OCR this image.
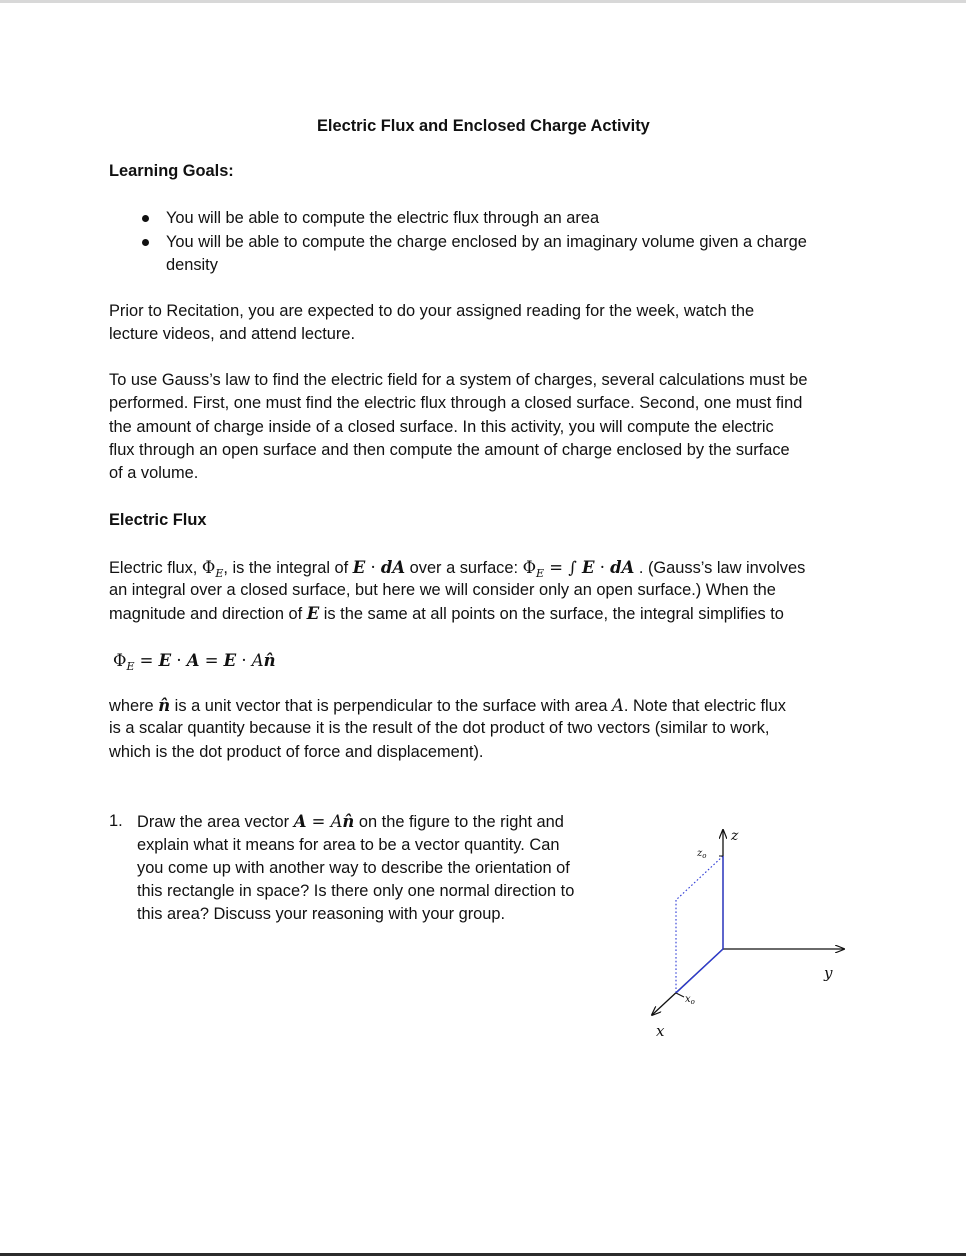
Electric Flux and Enclosed Charge Activity
Learning Goals:
You will be able to compute the electric flux through an area
You will be able to compute the charge enclosed by an imaginary volume given a charge
density
Prior to Recitation, you are expected to do your assigned reading for the week, watch the
lecture videos, and attend lecture.
To use Gauss’s law to find the electric field for a system of charges, several calculations must be
performed. First, one must find the electric flux through a closed surface. Second, one must find
the amount of charge inside of a closed surface. In this activity, you will compute the electric
flux through an open surface and then compute the amount of charge enclosed by the surface
of a volume.
Electric Flux
Electric flux, $\Phi_E$, is the integral of E · dA over a surface: $\Phi_E$ = ∫ E · dA . (Gauss’s law involves
an integral over a closed surface, but here we will consider only an open surface.) When the
magnitude and direction of E is the same at all points on the surface, the integral simplifies to
$\Phi_E = E \cdot A = E$ · An̂
where n̂ is a unit vector that is perpendicular to the surface with area A. Note that electric flux
is a scalar quantity because it is the result of the dot product of two vectors (similar to work,
which is the dot product of force and displacement).
1. Draw the area vector A = An̂ on the figure to the right and
explain what it means for area to be a vector quantity. Can
you come up with another way to describe the orientation of
this rectangle in space? Is there only one normal direction to
this area? Discuss your reasoning with your group.
z
y
x
$z_o$
$x_o$
